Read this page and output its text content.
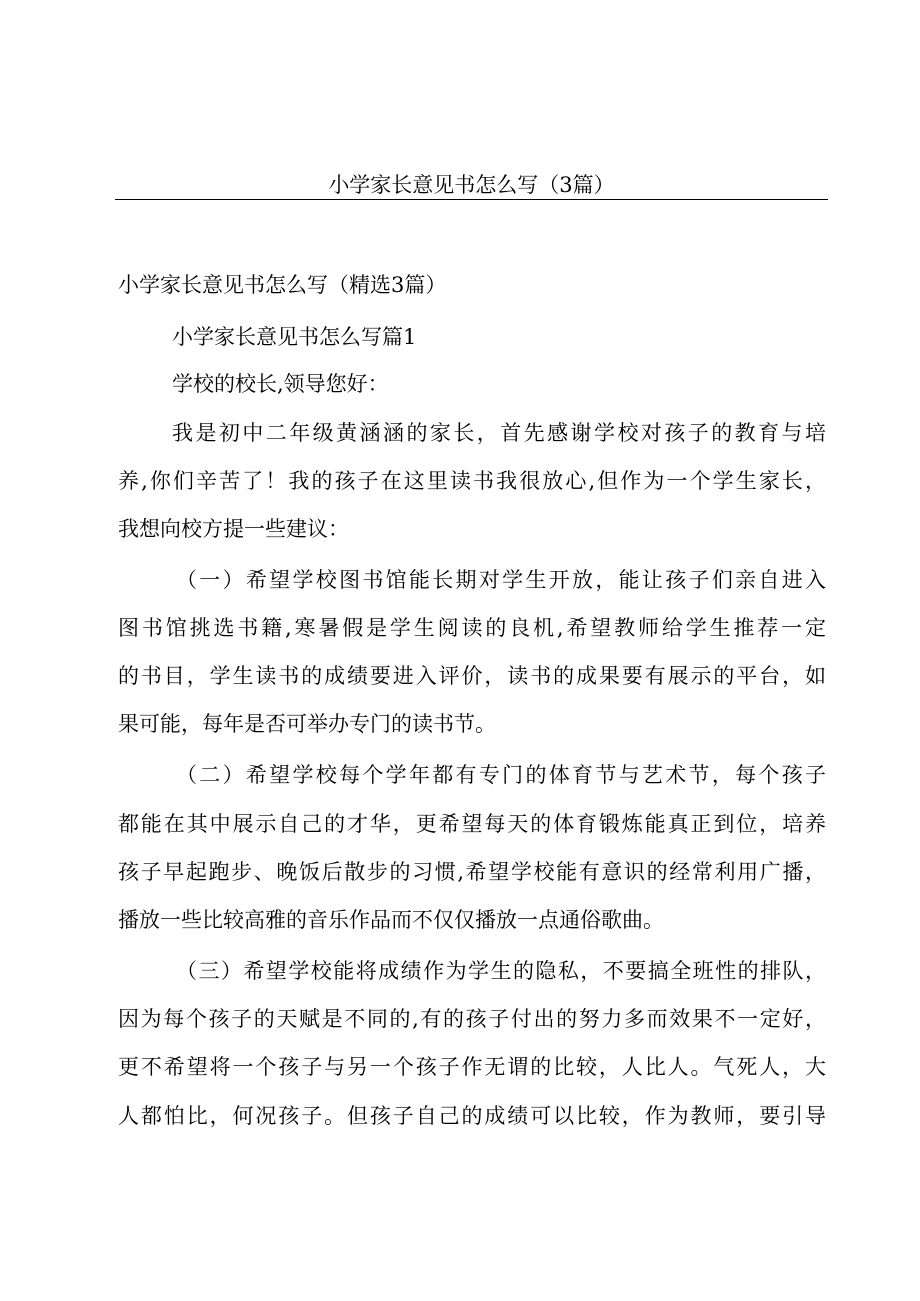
小学家长意见书怎么写（3篇）

小学家长意见书怎么写（精选3篇）

小学家长意见书怎么写篇1

学校的校长,领导您好：

我是初中二年级黄涵涵的家长，首先感谢学校对孩子的教育与培

养,你们辛苦了！我的孩子在这里读书我很放心,但作为一个学生家长，

我想向校方提一些建议：

（一）希望学校图书馆能长期对学生开放，能让孩子们亲自进入

图书馆挑选书籍,寒暑假是学生阅读的良机,希望教师给学生推荐一定

的书目，学生读书的成绩要进入评价，读书的成果要有展示的平台，如

果可能，每年是否可举办专门的读书节。

（二）希望学校每个学年都有专门的体育节与艺术节，每个孩子

都能在其中展示自己的才华，更希望每天的体育锻炼能真正到位，培养

孩子早起跑步、晚饭后散步的习惯,希望学校能有意识的经常利用广播，

播放一些比较高雅的音乐作品而不仅仅播放一点通俗歌曲。

（三）希望学校能将成绩作为学生的隐私，不要搞全班性的排队，

因为每个孩子的天赋是不同的,有的孩子付出的努力多而效果不一定好，

更不希望将一个孩子与另一个孩子作无谓的比较，人比人。气死人，大

人都怕比，何况孩子。但孩子自己的成绩可以比较，作为教师，要引导
